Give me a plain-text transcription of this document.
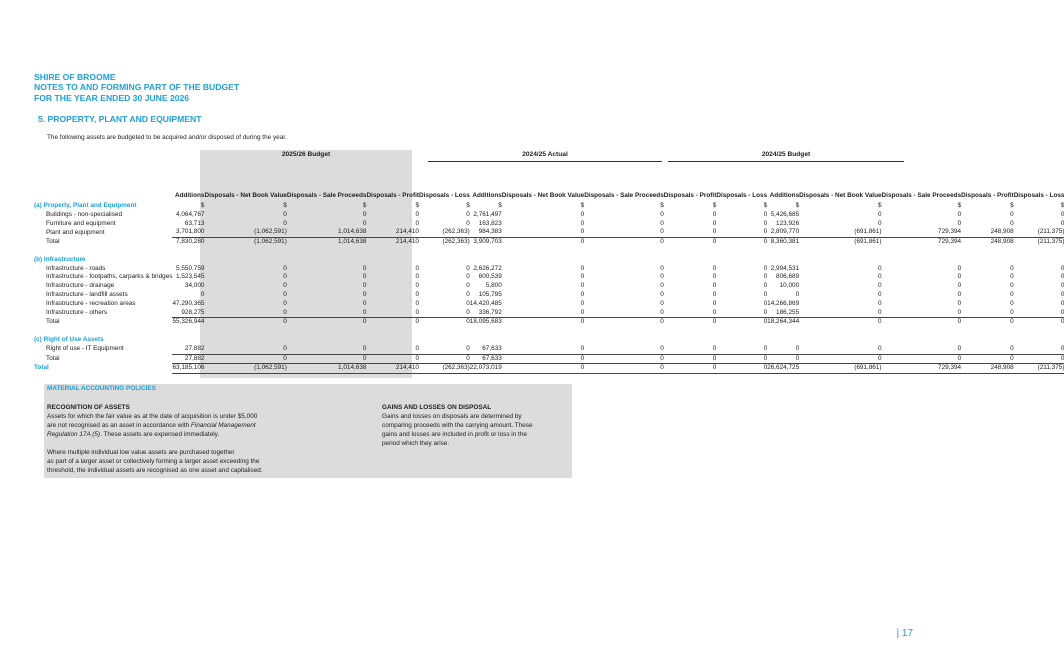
SHIRE OF BROOME
NOTES TO AND FORMING PART OF THE BUDGET
FOR THE YEAR ENDED 30 JUNE 2026
5. PROPERTY, PLANT AND EQUIPMENT
The following assets are budgeted to be acquired and/or disposed of during the year.
2025/26 Budget	2024/25 Actual	2024/25 Budget
	Additions	Disposals - Net Book Value	Disposals - Sale Proceeds	Disposals - Profit	Disposals - Loss	Additions	Disposals - Net Book Value	Disposals - Sale Proceeds	Disposals - Profit	Disposals - Loss	Additions	Disposals - Net Book Value	Disposals - Sale Proceeds	Disposals - Profit	Disposals - Loss
(a) Property, Plant and Equipment	$	$	$	$	$	$	$	$	$	$	$	$	$	$	$
Buildings - non-specialised	4,064,767	0	0	0	0	2,761,497	0	0	0	0	5,426,685	0	0	0	0
Furniture and equipment	63,713	0	0	0	0	163,823	0	0	0	0	123,926	0	0	0	0
Plant and equipment	3,701,800	(1,062,591)	1,014,638	214,410	(262,363)	984,383	0	0	0	0	2,809,770	(691,861)	729,394	248,908	(211,375)
Total	7,830,280	(1,062,591)	1,014,638	214,410	(262,363)	3,909,703	0	0	0	0	8,360,381	(691,861)	729,394	248,908	(211,375)

(b) Infrastructure															
Infrastructure - roads	5,550,759	0	0	0	0	2,626,272	0	0	0	0	2,994,531	0	0	0	0
Infrastructure - footpaths, carparks & bridges	1,523,545	0	0	0	0	600,539	0	0	0	0	806,689	0	0	0	0
Infrastructure - drainage	34,000	0	0	0	0	5,800	0	0	0	0	10,000	0	0	0	0
Infrastructure - landfill assets	0	0	0	0	0	105,795	0	0	0	0	0	0	0	0	0
Infrastructure - recreation areas	47,290,365	0	0	0	0	14,420,485	0	0	0	0	14,266,869	0	0	0	0
Infrastructure - others	928,275	0	0	0	0	336,792	0	0	0	0	186,255	0	0	0	0
Total	55,326,944	0	0	0	0	18,095,683	0	0	0	0	18,264,344	0	0	0	0

(c) Right of Use Assets															
Right of use - IT Equipment	27,882	0	0	0	0	67,633	0	0	0	0	0	0	0	0	0
Total	27,882	0	0	0	0	67,633	0	0	0	0	0	0	0	0	0
Total	63,185,106	(1,062,591)	1,014,638	214,410	(262,363)	22,073,019	0	0	0	0	26,624,725	(691,861)	729,394	248,908	(211,375)
MATERIAL ACCOUNTING POLICIES
RECOGNITION OF ASSETS
Assets for which the fair value as at the date of acquisition is under $5,000
are not recognised as an asset in accordance with Financial Management
Regulation 17A (5). These assets are expensed immediately.
Where multiple individual low value assets are purchased together
as part of a larger asset or collectively forming a larger asset exceeding the
threshold, the individual assets are recognised as one asset and capitalised.
GAINS AND LOSSES ON DISPOSAL
Gains and losses on disposals are determined by
comparing proceeds with the carrying amount. These
gains and losses are included in profit or loss in the
period which they arise.
| 17
